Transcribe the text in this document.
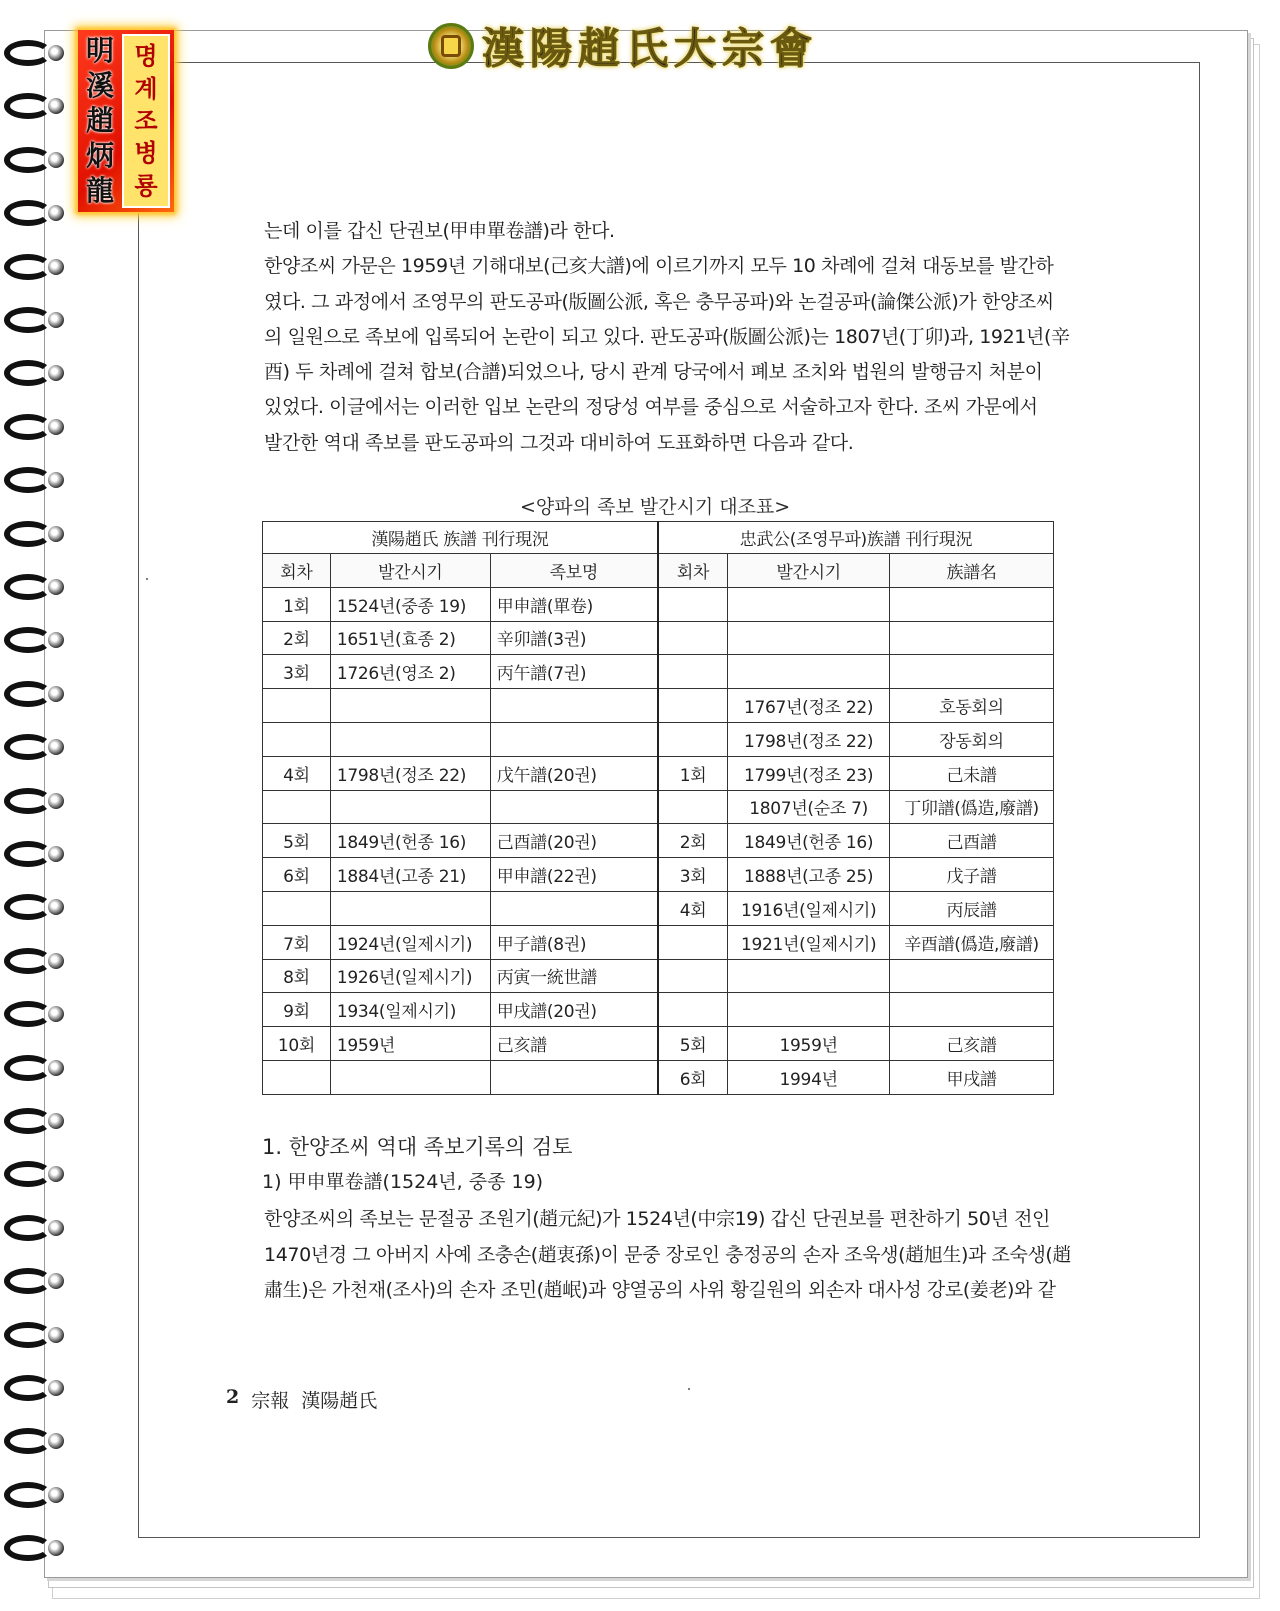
漢陽趙氏大宗會
明
溪
趙
炳
龍
명
계
조
병
룡
는데 이를 갑신 단권보(甲申單卷譜)라 한다.
한양조씨 가문은 1959년 기해대보(己亥大譜)에 이르기까지 모두 10 차례에 걸쳐 대동보를 발간하
였다. 그 과정에서 조영무의 판도공파(版圖公派, 혹은 충무공파)와 논걸공파(論傑公派)가 한양조씨
의 일원으로 족보에 입록되어 논란이 되고 있다. 판도공파(版圖公派)는 1807년(丁卯)과, 1921년(辛
酉) 두 차례에 걸쳐 합보(合譜)되었으나, 당시 관계 당국에서 폐보 조치와 법원의 발행금지 처분이
있었다. 이글에서는 이러한 입보 논란의 정당성 여부를 중심으로 서술하고자 한다. 조씨 가문에서
발간한 역대 족보를 판도공파의 그것과 대비하여 도표화하면 다음과 같다.
<양파의 족보 발간시기 대조표>
漢陽趙氏 族譜 刊行現況			忠武公(조영무파)族譜 刊行現況		
회차	발간시기	족보명	회차	발간시기	族譜名
1회	1524년(중종 19)	甲申譜(單卷)			
2회	1651년(효종 2)	辛卯譜(3권)			
3회	1726년(영조 2)	丙午譜(7권)			
				1767년(정조 22)	호동회의
				1798년(정조 22)	장동회의
4회	1798년(정조 22)	戊午譜(20권)	1회	1799년(정조 23)	己未譜
				1807년(순조 7)	丁卯譜(僞造,廢譜)
5회	1849년(헌종 16)	己酉譜(20권)	2회	1849년(헌종 16)	己酉譜
6회	1884년(고종 21)	甲申譜(22권)	3회	1888년(고종 25)	戊子譜
			4회	1916년(일제시기)	丙辰譜
7회	1924년(일제시기)	甲子譜(8권)		1921년(일제시기)	辛酉譜(僞造,廢譜)
8회	1926년(일제시기)	丙寅一統世譜			
9회	1934(일제시기)	甲戌譜(20권)			
10회	1959년	己亥譜	5회	1959년	己亥譜
			6회	1994년	甲戌譜
1. 한양조씨 역대 족보기록의 검토
1) 甲申單卷譜(1524년, 중종 19)
한양조씨의 족보는 문절공 조원기(趙元紀)가 1524년(中宗19) 갑신 단권보를 편찬하기 50년 전인
1470년경 그 아버지 사예 조충손(趙衷孫)이 문중 장로인 충정공의 손자 조욱생(趙旭生)과 조숙생(趙
肅生)은 가천재(조사)의 손자 조민(趙岷)과 양열공의 사위 황길원의 외손자 대사성 강로(姜老)와 같
2 宗報 漢陽趙氏
